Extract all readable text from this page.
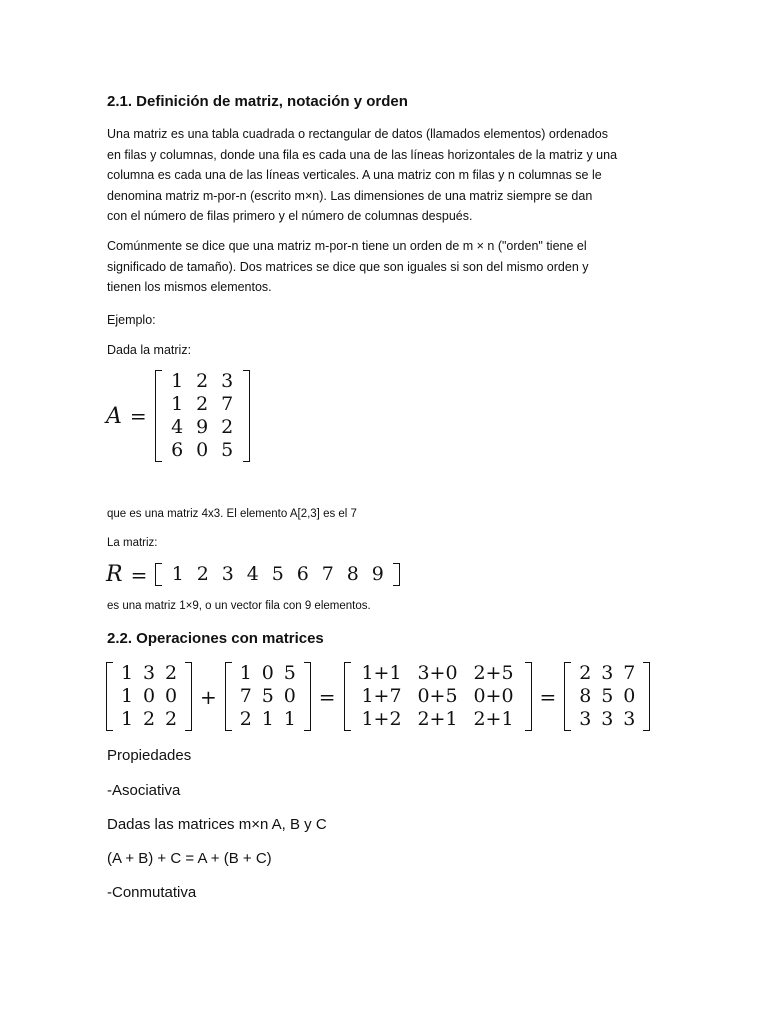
2.1. Definición de matriz, notación y orden
Una matriz es una tabla cuadrada o rectangular de datos (llamados elementos) ordenados
en filas y columnas, donde una fila es cada una de las líneas horizontales de la matriz y una
columna es cada una de las líneas verticales. A una matriz con m filas y n columnas se le
denomina matriz m-por-n (escrito m×n). Las dimensiones de una matriz siempre se dan
con el número de filas primero y el número de columnas después.
Comúnmente se dice que una matriz m-por-n tiene un orden de m × n ("orden" tiene el
significado de tamaño). Dos matrices se dice que son iguales si son del mismo orden y
tienen los mismos elementos.
Ejemplo:
Dada la matriz:
A =
1 2 3
1 2 7
4 9 2
6 0 5
que es una matriz 4x3. El elemento A[2,3] es el 7
La matriz:
R =	1 2 3 4 5 6 7 8 9
es una matriz 1×9, o un vector fila con 9 elementos.
2.2. Operaciones con matrices
1 3 2
1 0 0
1 2 2
+
1 0 5
7 5 0
2 1 1
=
1+1 3+0 2+5
1+7 0+5 0+0
1+2 2+1 2+1
=
2 3 7
8 5 0
3 3 3
Propiedades
-Asociativa
Dadas las matrices m×n A, B y C
(A + B) + C = A + (B + C)
-Conmutativa
